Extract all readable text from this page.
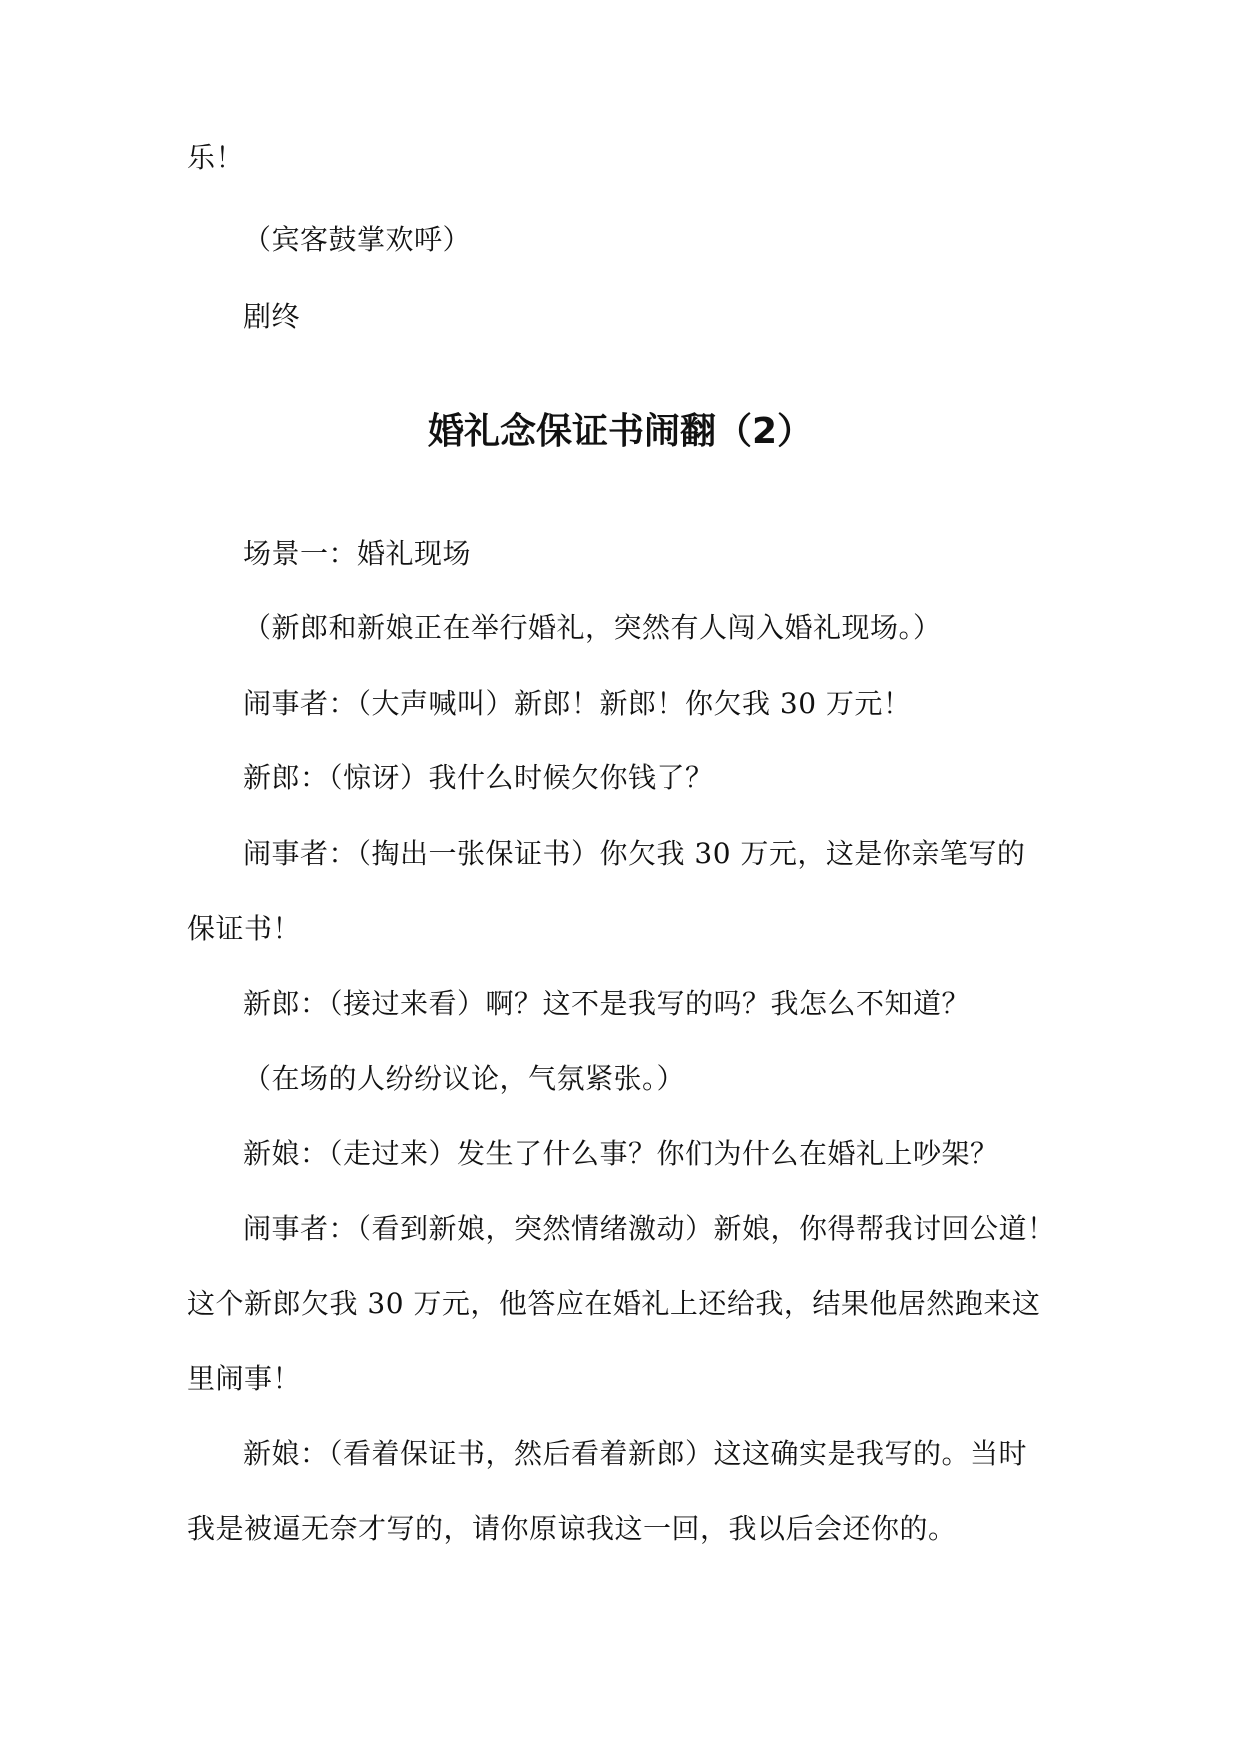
乐！
（宾客鼓掌欢呼）
剧终
婚礼念保证书闹翻（2）
场景一：婚礼现场
（新郎和新娘正在举行婚礼，突然有人闯入婚礼现场。）
闹事者：（大声喊叫）新郎！新郎！你欠我 30 万元！
新郎：（惊讶）我什么时候欠你钱了？
闹事者：（掏出一张保证书）你欠我 30 万元，这是你亲笔写的
保证书！
新郎：（接过来看）啊？这不是我写的吗？我怎么不知道？
（在场的人纷纷议论，气氛紧张。）
新娘：（走过来）发生了什么事？你们为什么在婚礼上吵架？
闹事者：（看到新娘，突然情绪激动）新娘，你得帮我讨回公道！
这个新郎欠我 30 万元，他答应在婚礼上还给我，结果他居然跑来这
里闹事！
新娘：（看着保证书，然后看着新郎）这这确实是我写的。当时
我是被逼无奈才写的，请你原谅我这一回，我以后会还你的。
